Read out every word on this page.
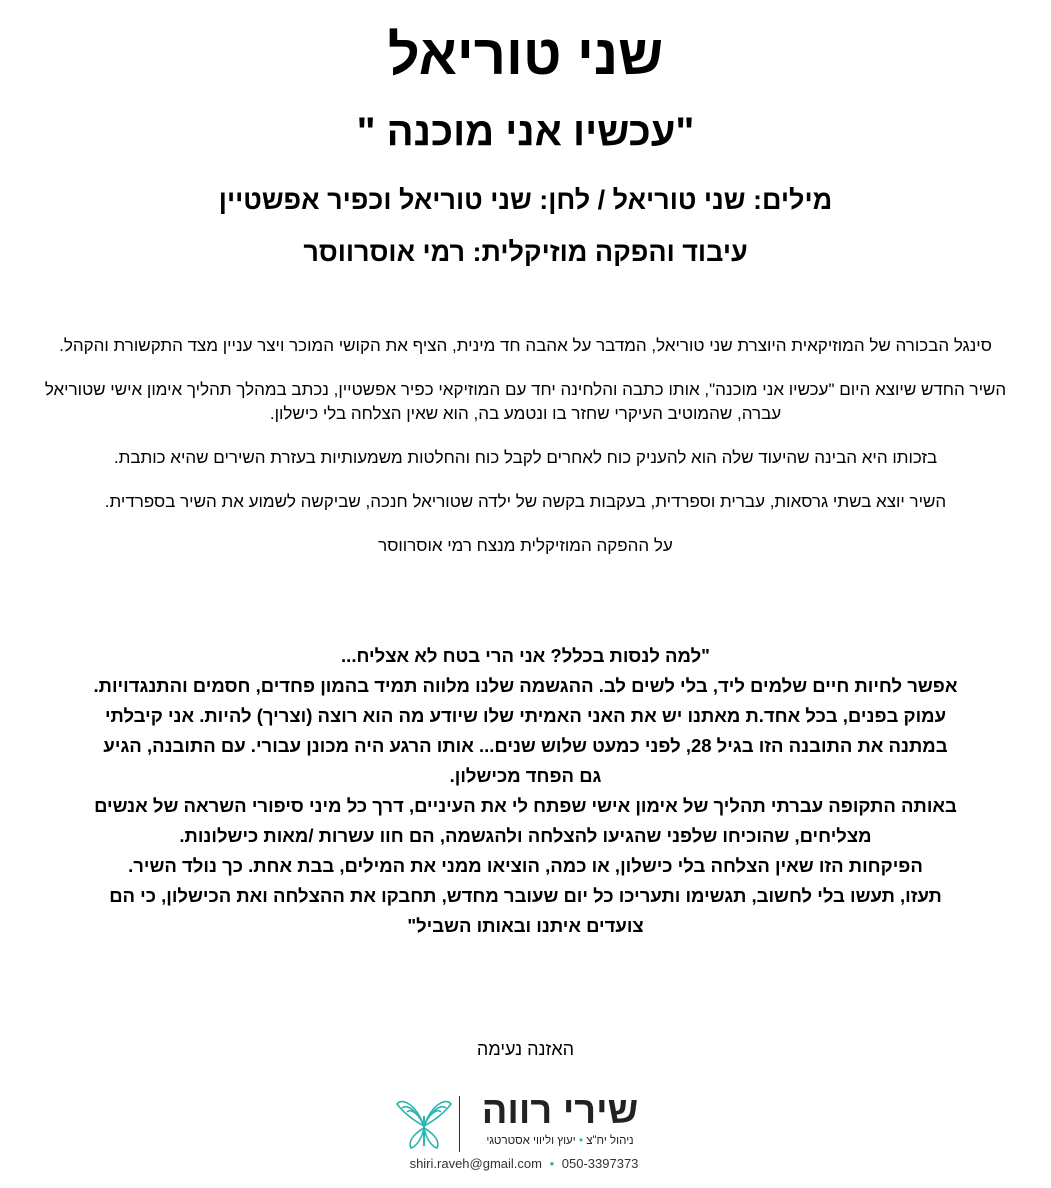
שני טוריאל
"עכשיו אני מוכנה "
מילים: שני טוריאל / לחן: שני טוריאל וכפיר אפשטיין
עיבוד והפקה מוזיקלית: רמי אוסרווסר

סינגל הבכורה של המוזיקאית היוצרת שני טוריאל, המדבר על אהבה חד מינית, הציף את הקושי המוכר ויצר עניין מצד התקשורת והקהל.

השיר החדש שיוצא היום "עכשיו אני מוכנה", אותו כתבה והלחינה יחד עם המוזיקאי כפיר אפשטיין, נכתב במהלך תהליך אימון אישי שטוריאל עברה, שהמוטיב העיקרי שחזר בו ונטמע בה, הוא שאין הצלחה בלי כישלון.

בזכותו היא הבינה שהיעוד שלה הוא להעניק כוח לאחרים לקבל כוח והחלטות משמעותיות בעזרת השירים שהיא כותבת.

השיר יוצא בשתי גרסאות, עברית וספרדית, בעקבות בקשה של ילדה שטוריאל חנכה, שביקשה לשמוע את השיר בספרדית.

על ההפקה המוזיקלית מנצח רמי אוסרווסר

"למה לנסות בכלל? אני הרי בטח לא אצליח...
אפשר לחיות חיים שלמים ליד, בלי לשים לב. ההגשמה שלנו מלווה תמיד בהמון פחדים, חסמים והתנגדויות.
עמוק בפנים, בכל אחד.ת מאתנו יש את האני האמיתי שלו שיודע מה הוא רוצה (וצריך) להיות. אני קיבלתי
במתנה את התובנה הזו בגיל 28, לפני כמעט שלוש שנים... אותו הרגע היה מכונן עבורי. עם התובנה, הגיע
גם הפחד מכישלון.
באותה התקופה עברתי תהליך של אימון אישי שפתח לי את העיניים, דרך כל מיני סיפורי השראה של אנשים
מצליחים, שהוכיחו שלפני שהגיעו להצלחה ולהגשמה, הם חוו עשרות /מאות כישלונות.
הפיקחות הזו שאין הצלחה בלי כישלון, או כמה, הוציאו ממני את המילים, בבת אחת. כך נולד השיר.
תעזו, תעשו בלי לחשוב, תגשימו ותעריכו כל יום שעובר מחדש, תחבקו את ההצלחה ואת הכישלון, כי הם
צועדים איתנו ובאותו השביל"
האזנה נעימה
שירי רווה
ניהול יח"צ • יעוץ וליווי אסטרטגי
shiri.raveh@gmail.com • 050-3397373
